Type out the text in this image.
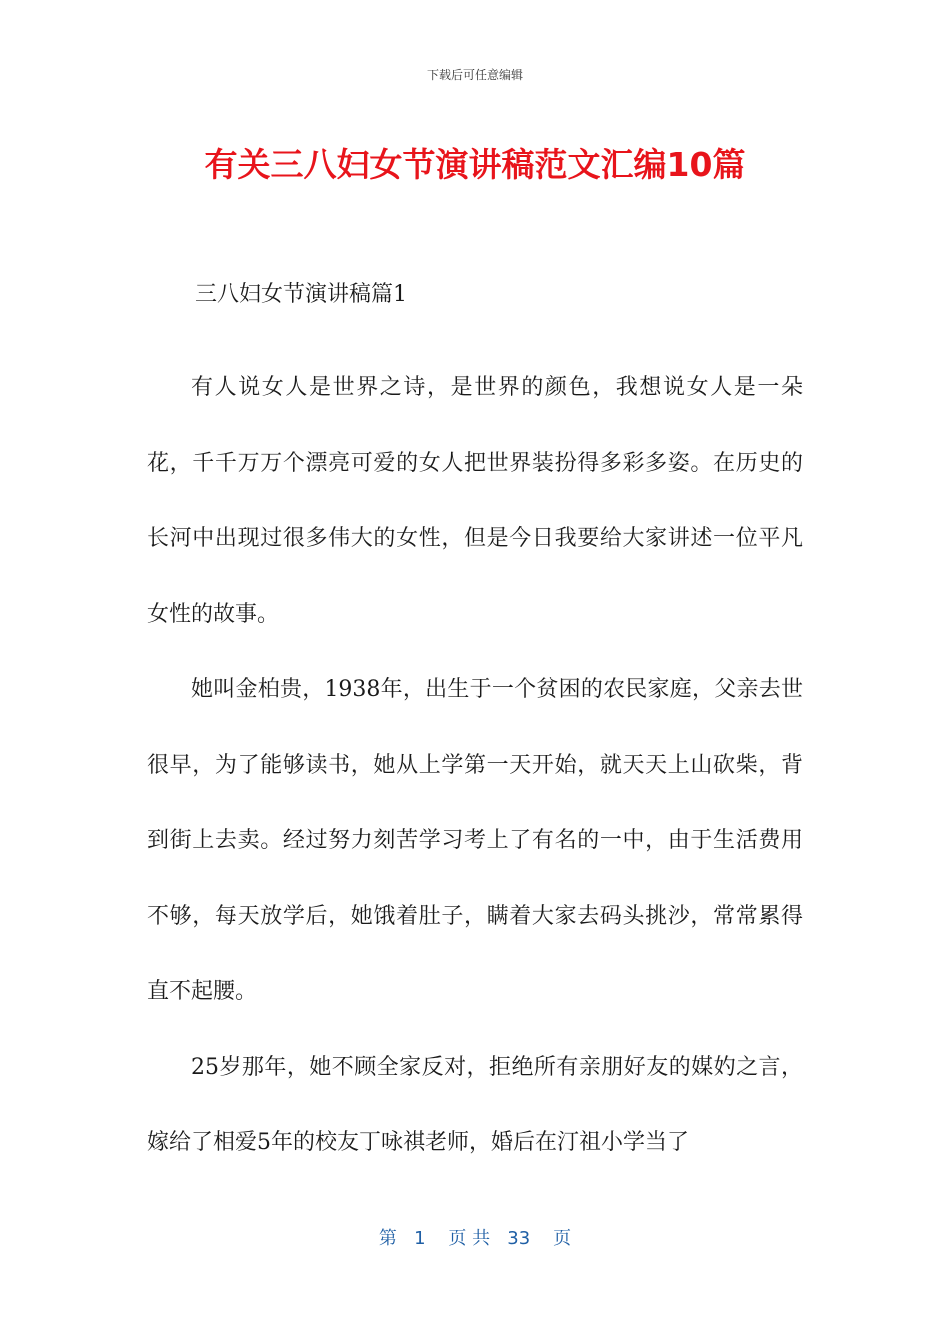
下载后可任意编辑
有关三八妇女节演讲稿范文汇编10篇

三八妇女节演讲稿篇1

有人说女人是世界之诗，是世界的颜色，我想说女人是一朵花，千千万万个漂亮可爱的女人把世界装扮得多彩多姿。在历史的长河中出现过很多伟大的女性，但是今日我要给大家讲述一位平凡女性的故事。

她叫金柏贵，1938年，出生于一个贫困的农民家庭，父亲去世很早，为了能够读书，她从上学第一天开始，就天天上山砍柴，背到街上去卖。经过努力刻苦学习考上了有名的一中，由于生活费用不够，每天放学后，她饿着肚子，瞒着大家去码头挑沙，常常累得直不起腰。

25岁那年，她不顾全家反对，拒绝所有亲朋好友的媒妁之言，嫁给了相爱5年的校友丁咏祺老师，婚后在汀祖小学当了

第   1    页 共   33    页
